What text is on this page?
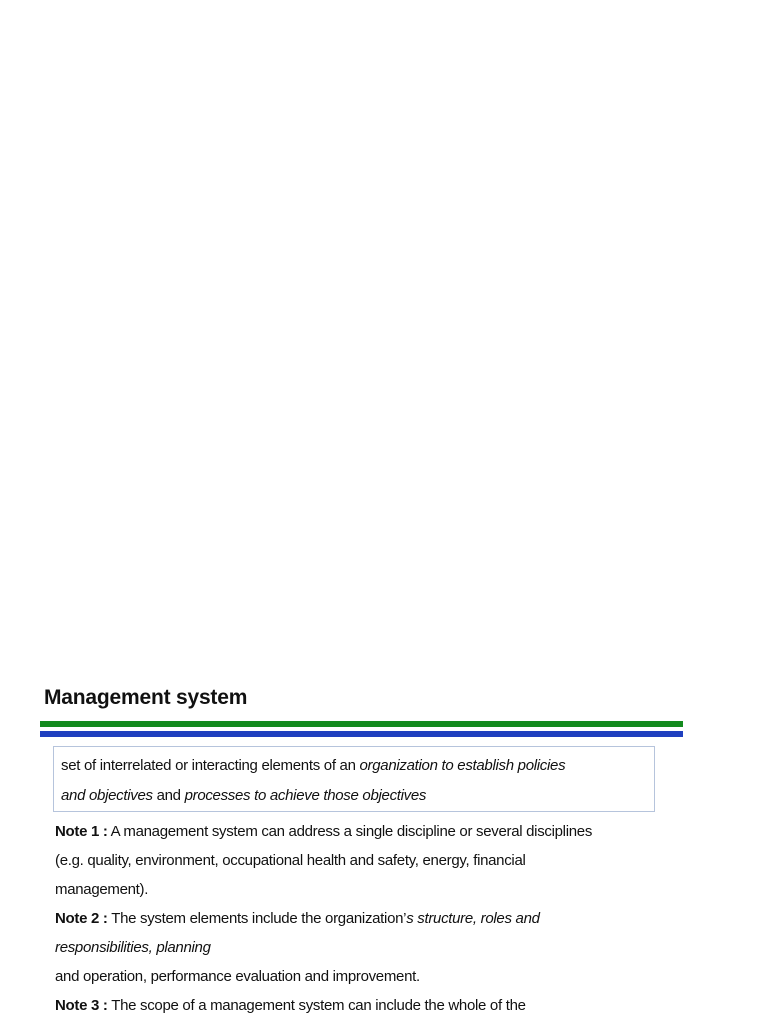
Management system
set of interrelated or interacting elements of an organization to establish policies
and objectives and processes to achieve those objectives
Note 1 : A management system can address a single discipline or several disciplines
(e.g. quality, environment, occupational health and safety, energy, financial
management).
Note 2 : The system elements include the organization’s structure, roles and
responsibilities, planning
and operation, performance evaluation and improvement.
Note 3 : The scope of a management system can include the whole of the
